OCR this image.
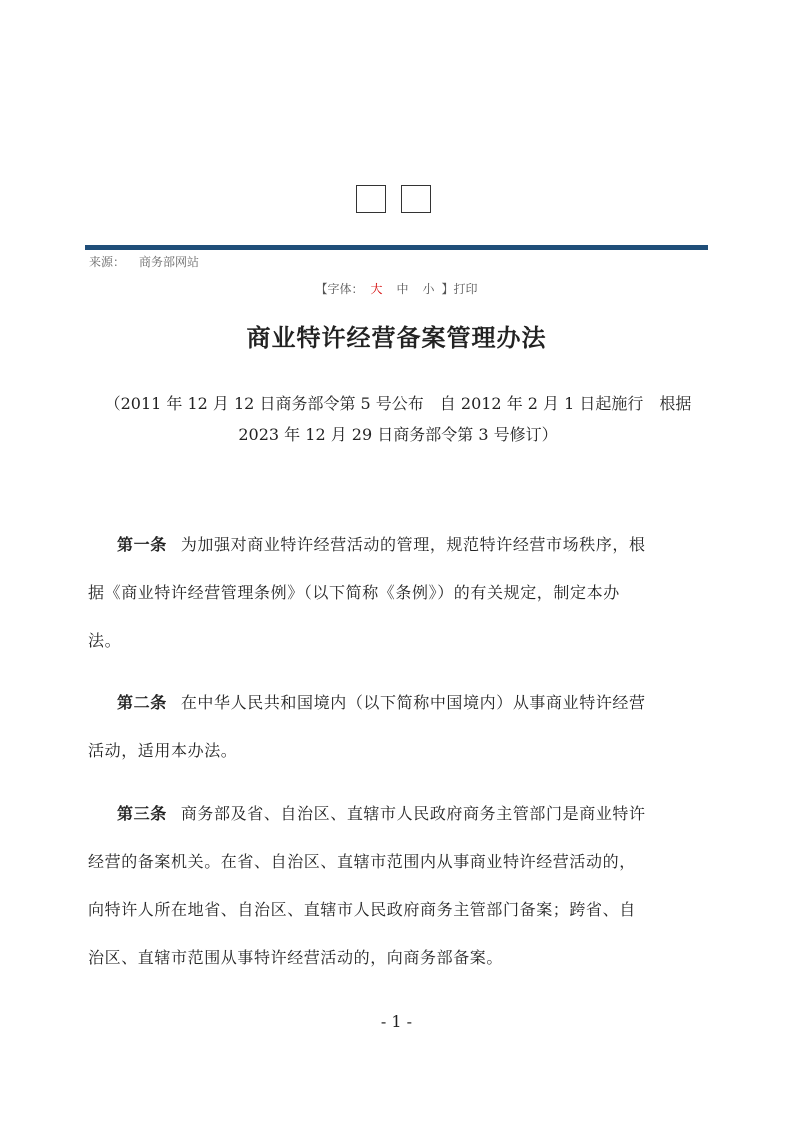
来源： 商务部网站
【字体： 大 中 小 】打印
商业特许经营备案管理办法
（2011 年 12 月 12 日商务部令第 5 号公布　自 2012 年 2 月 1 日起施行　根据
2023 年 12 月 29 日商务部令第 3 号修订）
第一条 为加强对商业特许经营活动的管理，规范特许经营市场秩序，根
据《商业特许经营管理条例》（以下简称《条例》）的有关规定，制定本办
法。
第二条 在中华人民共和国境内（以下简称中国境内）从事商业特许经营
活动，适用本办法。
第三条 商务部及省、自治区、直辖市人民政府商务主管部门是商业特许
经营的备案机关。在省、自治区、直辖市范围内从事商业特许经营活动的，
向特许人所在地省、自治区、直辖市人民政府商务主管部门备案；跨省、自
治区、直辖市范围从事特许经营活动的，向商务部备案。
- 1 -
